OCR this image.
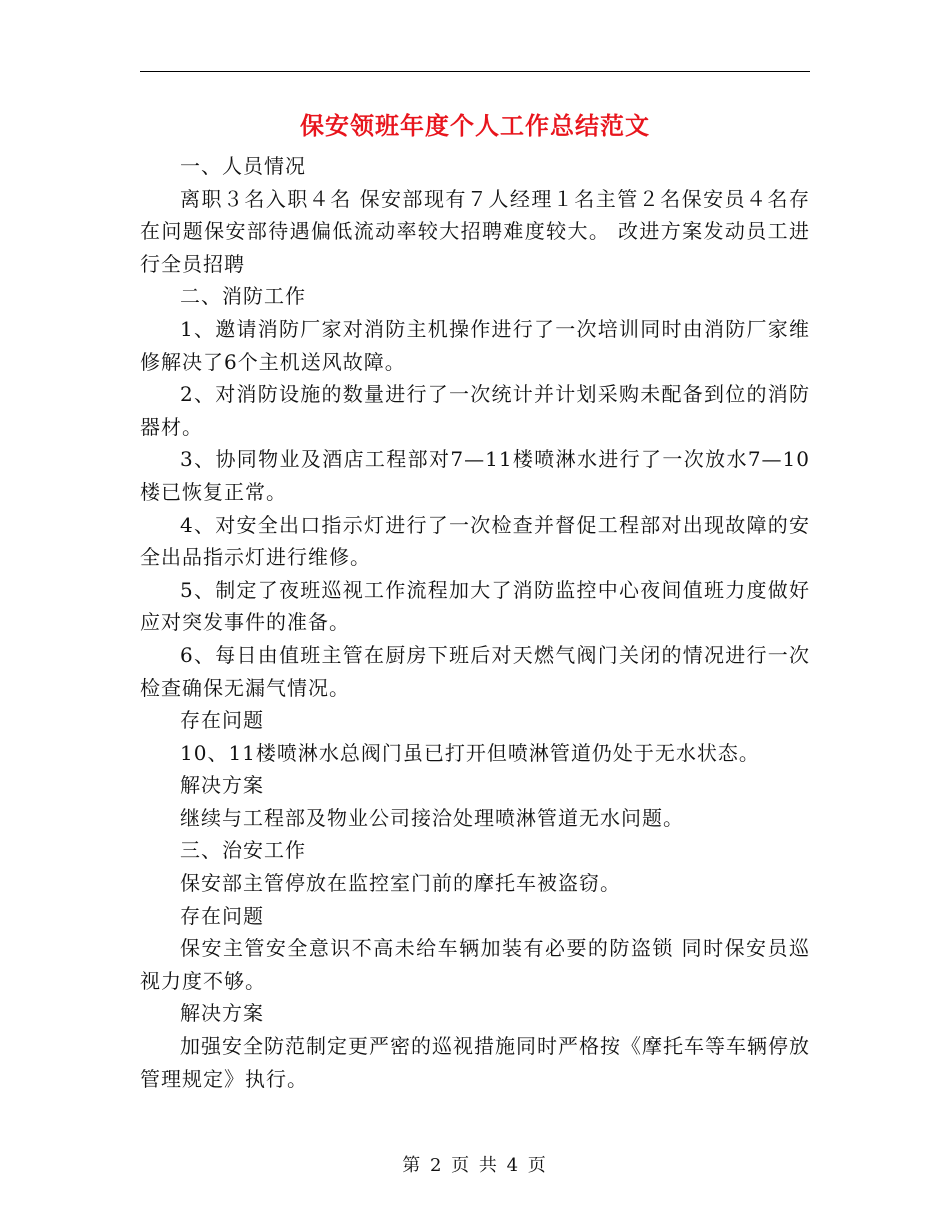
保安领班年度个人工作总结范文

一、人员情况

离职３名入职４名 保安部现有７人经理１名主管２名保安员４名存在问题保安部待遇偏低流动率较大招聘难度较大。 改进方案发动员工进行全员招聘

二、消防工作

1、邀请消防厂家对消防主机操作进行了一次培训同时由消防厂家维修解决了6个主机送风故障。

2、对消防设施的数量进行了一次统计并计划采购未配备到位的消防器材。

3、协同物业及酒店工程部对7—11楼喷淋水进行了一次放水7—10楼已恢复正常。

4、对安全出口指示灯进行了一次检查并督促工程部对出现故障的安全出品指示灯进行维修。

5、制定了夜班巡视工作流程加大了消防监控中心夜间值班力度做好应对突发事件的准备。

6、每日由值班主管在厨房下班后对天燃气阀门关闭的情况进行一次检查确保无漏气情况。

存在问题

10、11楼喷淋水总阀门虽已打开但喷淋管道仍处于无水状态。

解决方案

继续与工程部及物业公司接洽处理喷淋管道无水问题。

三、治安工作

保安部主管停放在监控室门前的摩托车被盗窃。

存在问题

保安主管安全意识不高未给车辆加装有必要的防盗锁 同时保安员巡视力度不够。

解决方案

加强安全防范制定更严密的巡视措施同时严格按《摩托车等车辆停放管理规定》执行。

第 2 页 共 4 页
